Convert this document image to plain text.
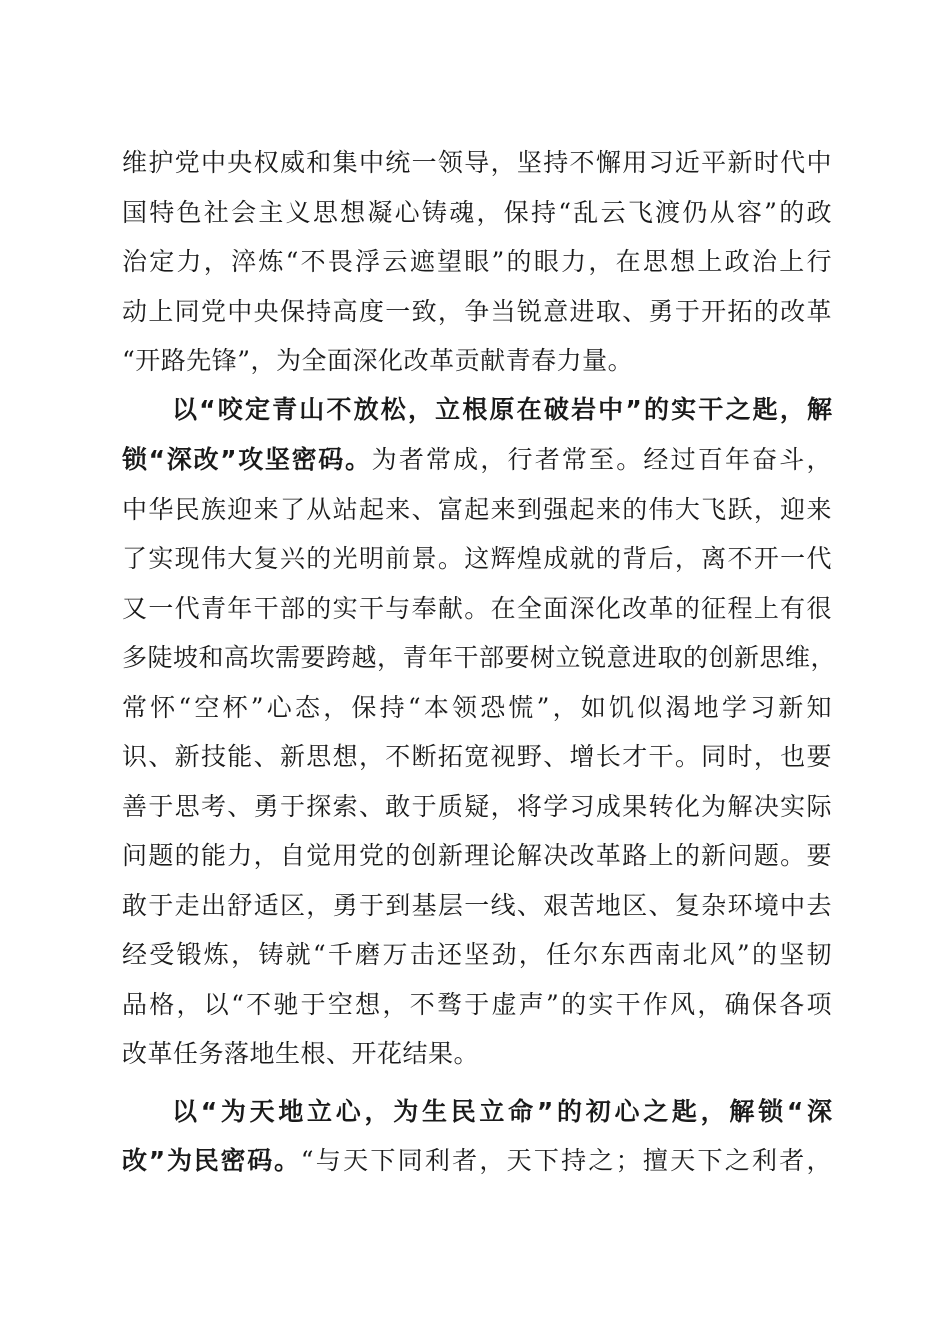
维护党中央权威和集中统一领导，坚持不懈用习近平新时代中
国特色社会主义思想凝心铸魂，保持“乱云飞渡仍从容”的政
治定力，淬炼“不畏浮云遮望眼”的眼力，在思想上政治上行
动上同党中央保持高度一致，争当锐意进取、勇于开拓的改革
“开路先锋”，为全面深化改革贡献青春力量。
以“咬定青山不放松，立根原在破岩中”的实干之匙，解
锁“深改”攻坚密码。为者常成，行者常至。经过百年奋斗，
中华民族迎来了从站起来、富起来到强起来的伟大飞跃，迎来
了实现伟大复兴的光明前景。这辉煌成就的背后，离不开一代
又一代青年干部的实干与奉献。在全面深化改革的征程上有很
多陡坡和高坎需要跨越，青年干部要树立锐意进取的创新思维，
常怀“空杯”心态，保持“本领恐慌”，如饥似渴地学习新知
识、新技能、新思想，不断拓宽视野、增长才干。同时，也要
善于思考、勇于探索、敢于质疑，将学习成果转化为解决实际
问题的能力，自觉用党的创新理论解决改革路上的新问题。要
敢于走出舒适区，勇于到基层一线、艰苦地区、复杂环境中去
经受锻炼，铸就“千磨万击还坚劲，任尔东西南北风”的坚韧
品格，以“不驰于空想，不骛于虚声”的实干作风，确保各项
改革任务落地生根、开花结果。
以“为天地立心，为生民立命”的初心之匙，解锁“深
改”为民密码。“与天下同利者，天下持之；擅天下之利者，
